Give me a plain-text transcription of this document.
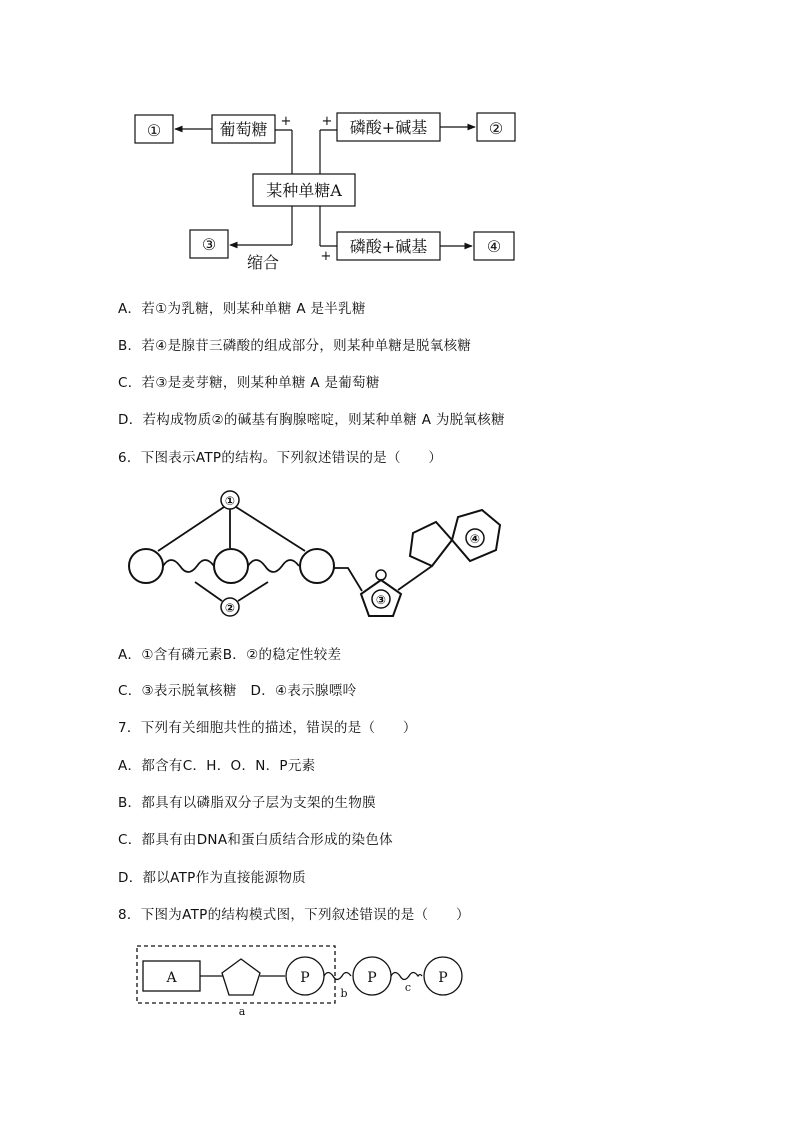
①	葡萄糖	磷酸+碱基	②
某种单糖A
③	磷酸+碱基	④
缩合
+ +
+
A．若①为乳糖，则某种单糖 A 是半乳糖
B．若④是腺苷三磷酸的组成部分，则某种单糖是脱氧核糖
C．若③是麦芽糖，则某种单糖 A 是葡萄糖
D．若构成物质②的碱基有胸腺嘧啶，则某种单糖 A 为脱氧核糖
6．下图表示ATP的结构。下列叙述错误的是（　　）
①
②
③
④
A．①含有磷元素B．②的稳定性较差
C．③表示脱氧核糖　D．④表示腺嘌呤
7．下列有关细胞共性的描述，错误的是（　　）
A．都含有C．H．O．N．P元素
B．都具有以磷脂双分子层为支架的生物膜
C．都具有由DNA和蛋白质结合形成的染色体
D．都以ATP作为直接能源物质
8．下图为ATP的结构模式图，下列叙述错误的是（　　）
A	P	P	P
a
b	c
